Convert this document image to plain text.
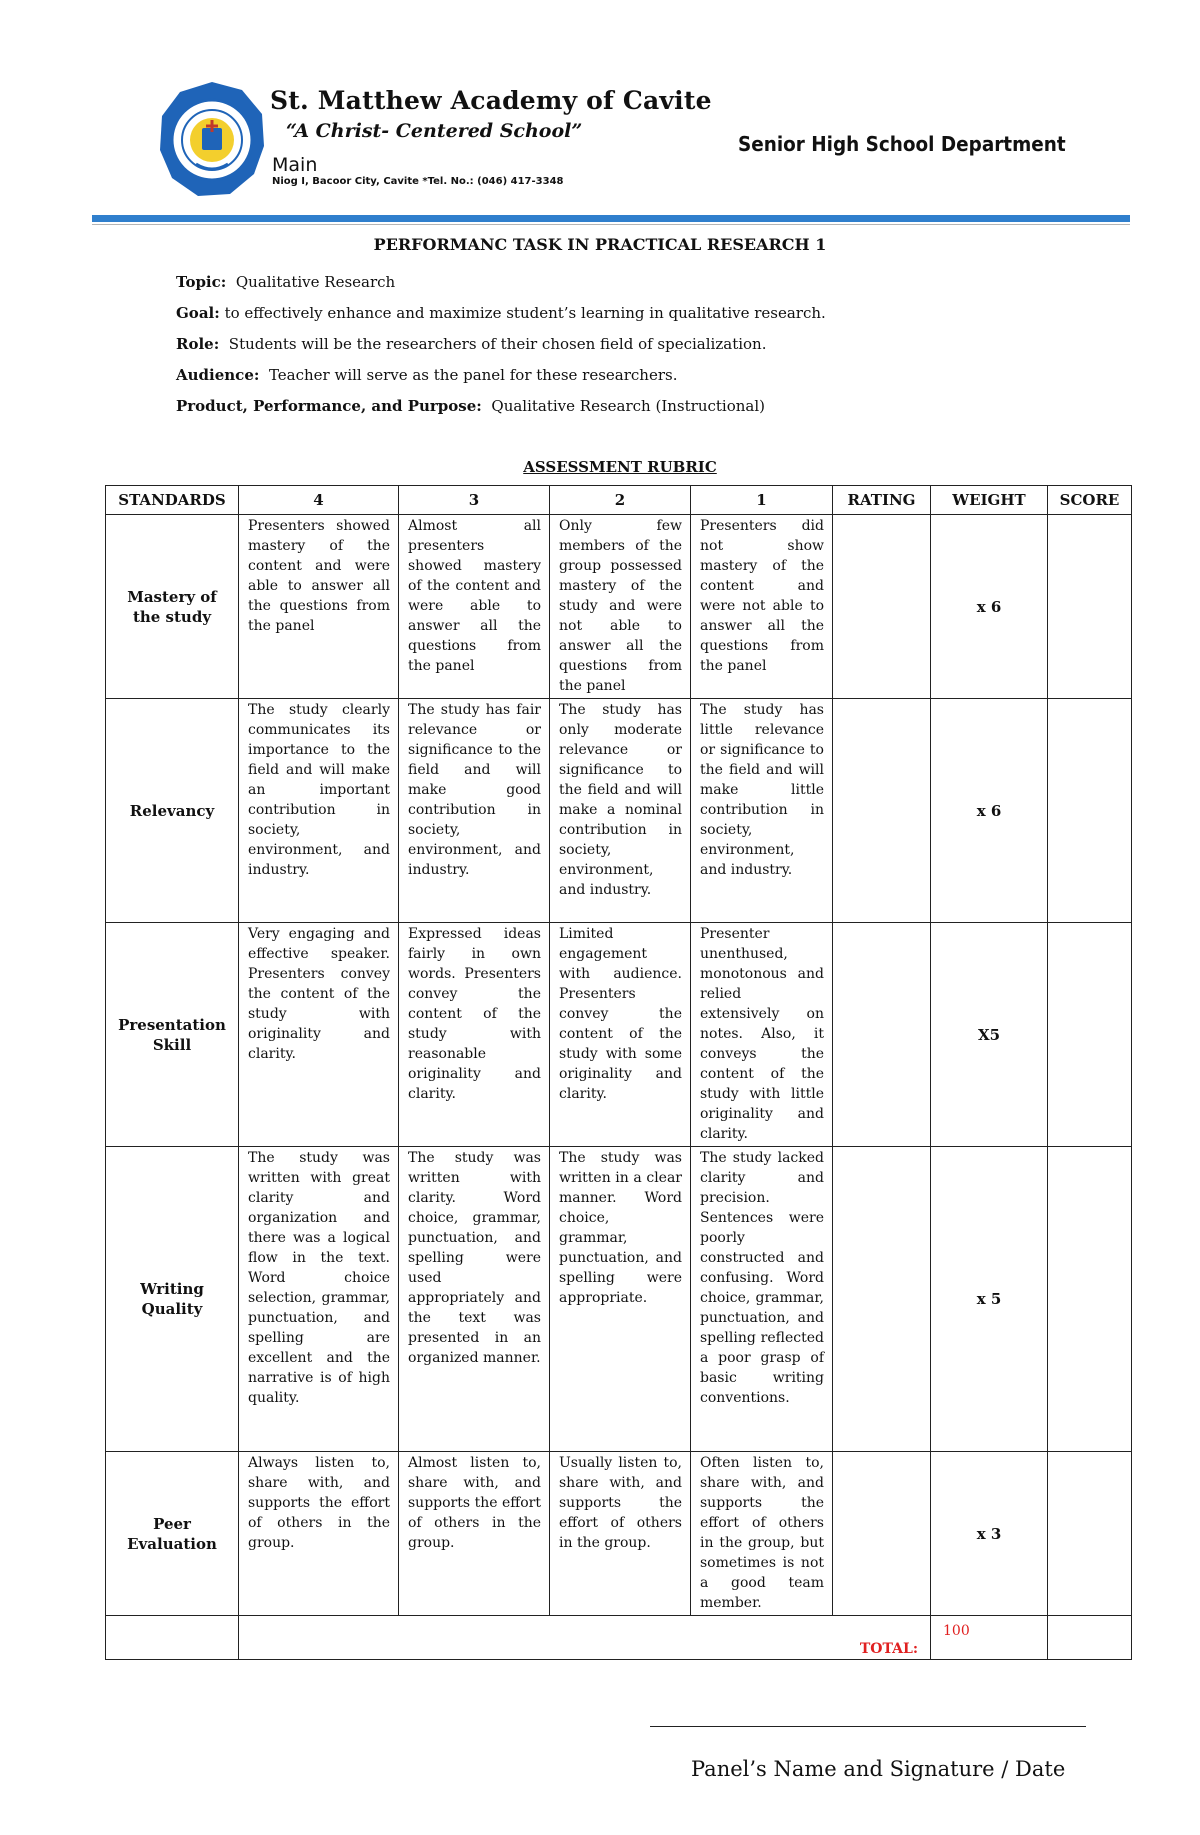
St. Matthew Academy of Cavite
“A Christ- Centered School”
Main
Niog I, Bacoor City, Cavite *Tel. No.: (046) 417-3348
Senior High School Department
PERFORMANC TASK IN PRACTICAL RESEARCH 1
Topic: Qualitative Research
Goal: to effectively enhance and maximize student’s learning in qualitative research.
Role: Students will be the researchers of their chosen field of specialization.
Audience: Teacher will serve as the panel for these researchers.
Product, Performance, and Purpose: Qualitative Research (Instructional)
ASSESSMENT RUBRIC
STANDARDS	4	3	2	1	RATING	WEIGHT	SCORE
Mastery of the study	Presenters showed mastery of the content and were able to answer all the questions from the panel	Almost all presenters showed mastery of the content and were able to answer all the questions from the panel	Only few members of the group possessed mastery of the study and were not able to answer all the questions from the panel	Presenters did not show mastery of the content and were not able to answer all the questions from the panel		x 6	
Relevancy	The study clearly communicates its importance to the field and will make an important contribution in society, environment, and industry.	The study has fair relevance or significance to the field and will make good contribution in society, environment, and industry.	The study has only moderate relevance or significance to the field and will make a nominal contribution in society, environment, and industry.	The study has little relevance or significance to the field and will make little contribution in society, environment, and industry.		x 6	
Presentation Skill	Very engaging and effective speaker. Presenters convey the content of the study with originality and clarity.	Expressed ideas fairly in own words. Presenters convey the content of the study with reasonable originality and clarity.	Limited engagement with audience. Presenters convey the content of the study with some originality and clarity.	Presenter unenthused, monotonous and relied extensively on notes. Also, it conveys the content of the study with little originality and clarity.		X5	
Writing Quality	The study was written with great clarity and organization and there was a logical flow in the text. Word choice selection, grammar, punctuation, and spelling are excellent and the narrative is of high quality.	The study was written with clarity. Word choice, grammar, punctuation, and spelling were used appropriately and the text was presented in an organized manner.	The study was written in a clear manner. Word choice, grammar, punctuation, and spelling were appropriate.	The study lacked clarity and precision. Sentences were poorly constructed and confusing. Word choice, grammar, punctuation, and spelling reflected a poor grasp of basic writing conventions.		x 5	
Peer Evaluation	Always listen to, share with, and supports the effort of others in the group.	Almost listen to, share with, and supports the effort of others in the group.	Usually listen to, share with, and supports the effort of others in the group.	Often listen to, share with, and supports the effort of others in the group, but sometimes is not a good team member.		x 3	
	TOTAL:					100	
Panel’s Name and Signature / Date
